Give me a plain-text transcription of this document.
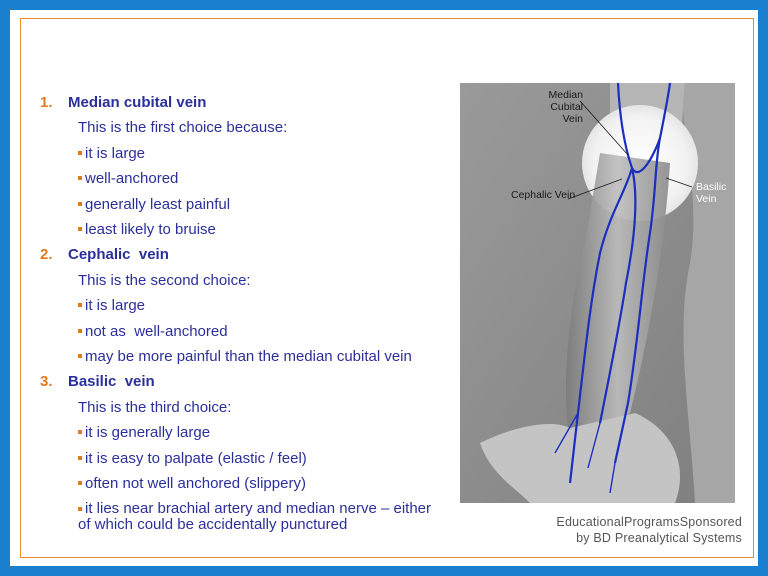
1.	Median cubital vein
This is the first choice because:
it is large
well-anchored
generally least painful
least likely to bruise
2.	Cephalic  vein
This is the second choice:
it is large
not as  well-anchored
may be more painful than the median cubital vein
3.	Basilic  vein
This is the third choice:
it is generally large
it is easy to palpate (elastic / feel)
often not well anchored (slippery)
it lies near brachial artery and median nerve – either
of which could be accidentally punctured
Median
Cubital
Vein
Cephalic Vein
Basilic
Vein
EducationalProgramsSponsored
by BD Preanalytical Systems
